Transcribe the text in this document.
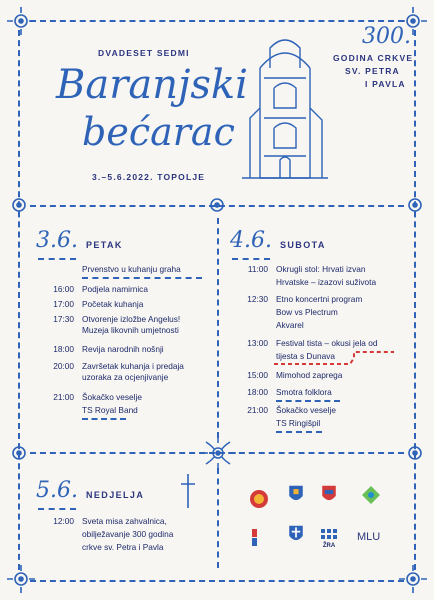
DVADESET SEDMI
Baranjski
bećarac
3.–5.6.2022. TOPOLJE
300.
GODINA CRKVE
SV. PETRA
I PAVLA
3.6. PETAK
Prvenstvo u kuhanju graha
16:00 Podjela namirnica
17:00 Početak kuhanja
17:30 Otvorenje izložbe Angelus!
Muzeja likovnih umjetnosti
18:00 Revija narodnih nošnji
20:00 Završetak kuhanja i predaja
uzoraka za ocjenjivanje
21:00 Šokačko veselje
TS Royal Band
4.6. SUBOTA
11:00 Okrugli stol: Hrvati izvan
Hrvatske – izazovi suživota
12:30 Etno koncertni program
Bow vs Plectrum
Akvarel
13:00 Festival tista – okusi jela od
tijesta s Dunava
15:00 Mimohod zaprega
18:00 Smotra folklora
21:00 Šokačko veselje
TS Ringišpil
5.6. NEDJELJA
12:00 Sveta misa zahvalnica,
obilježavanje 300 godina
crkve sv. Petra i Pavla	ŽRA
MLU
